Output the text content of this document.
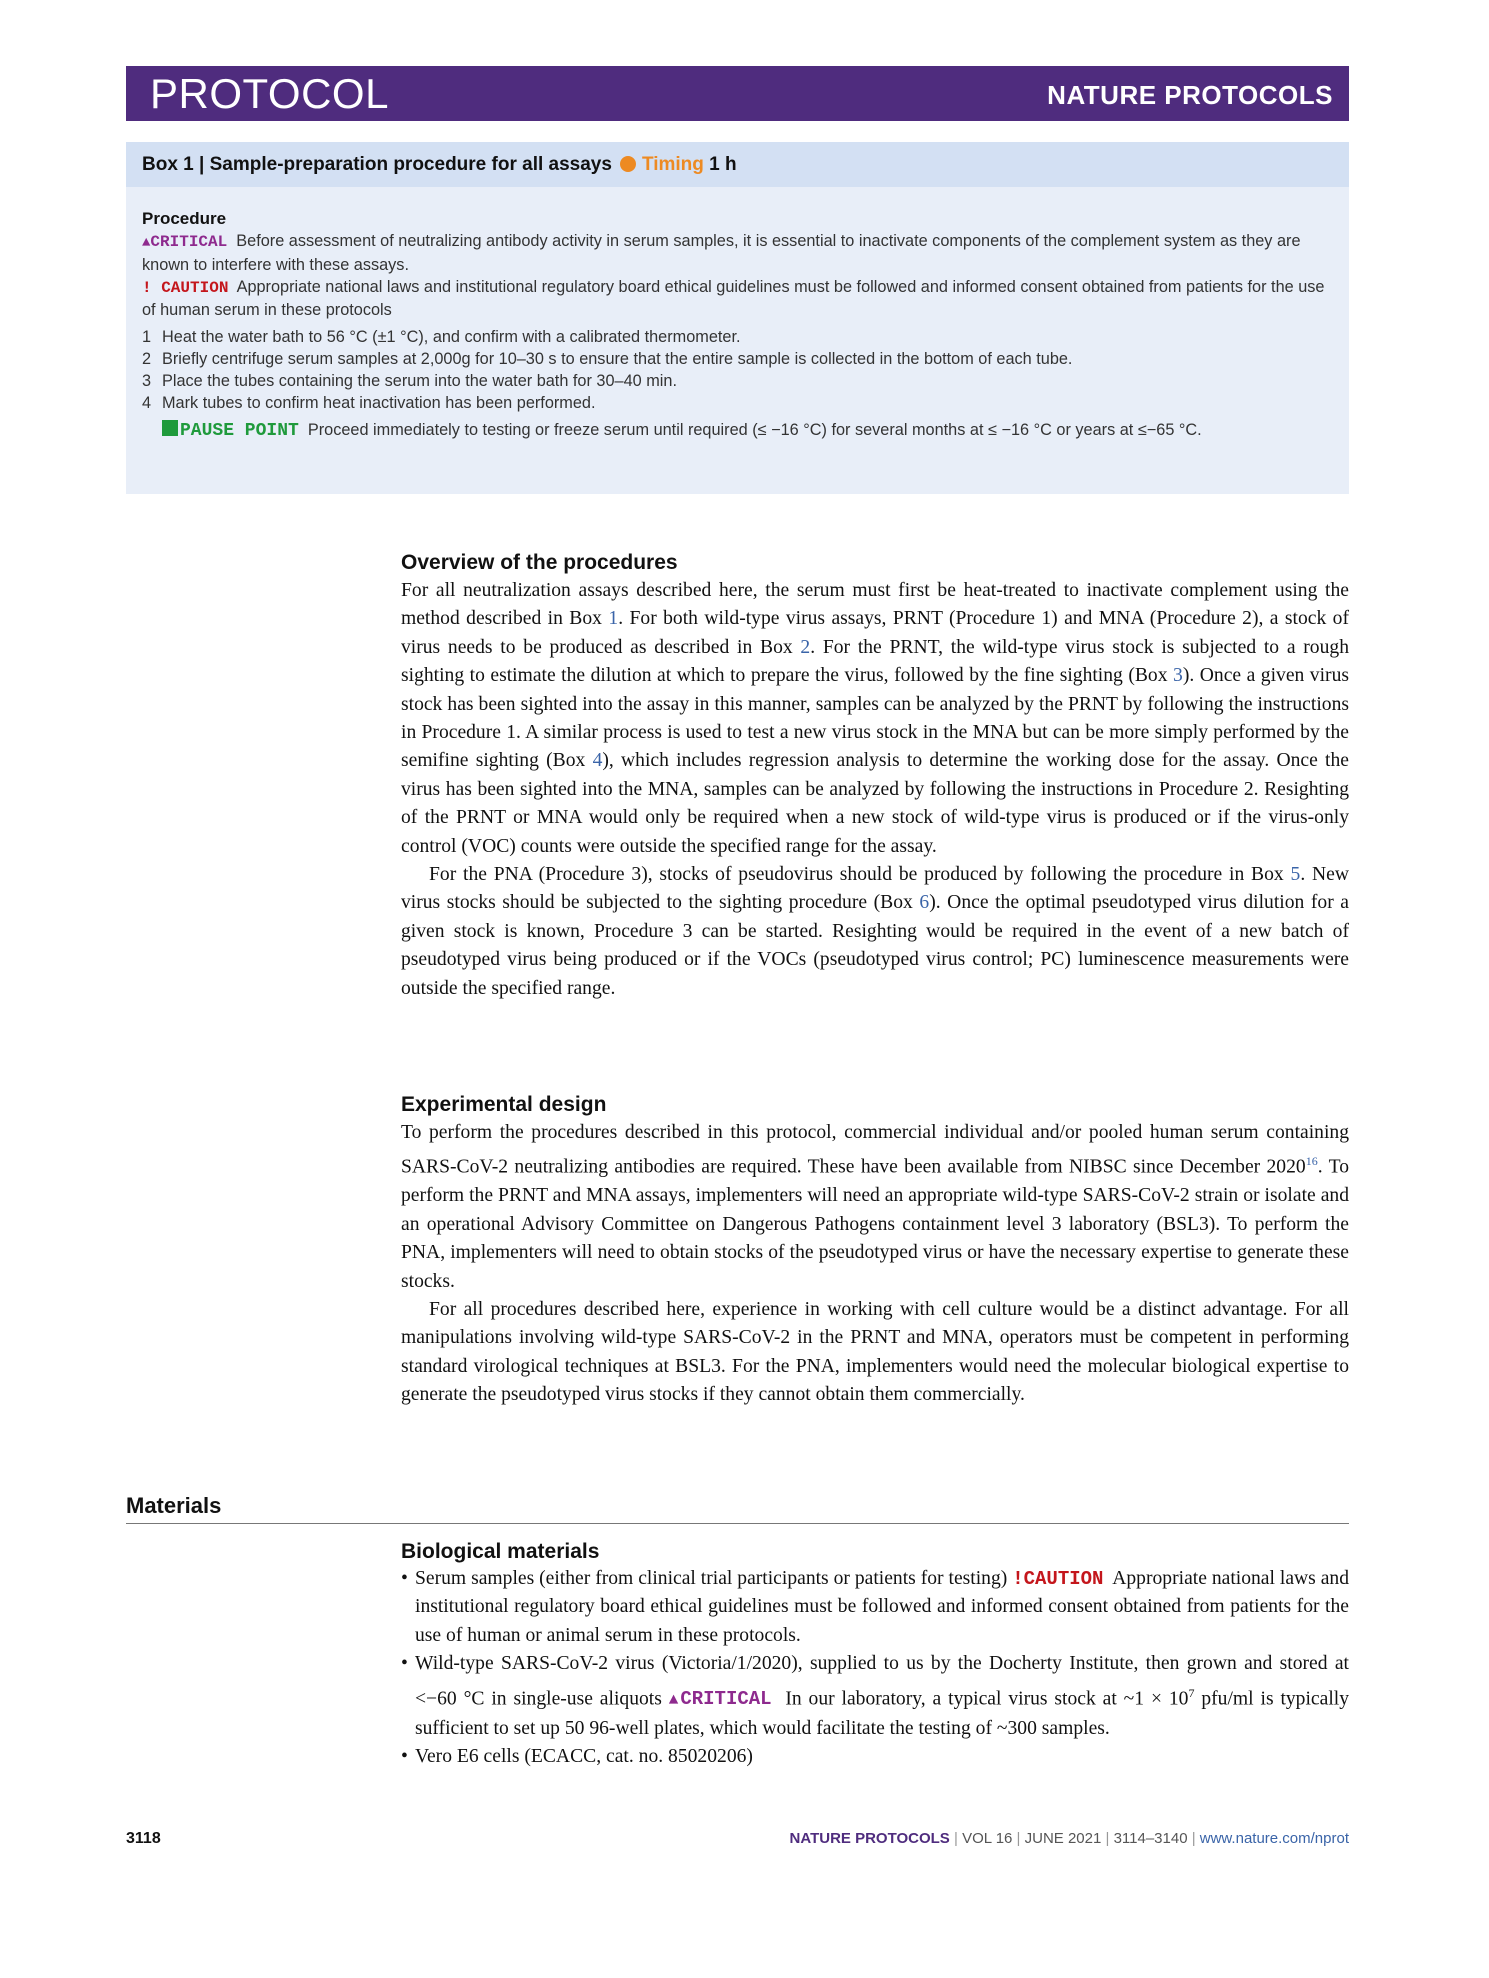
PROTOCOL	NATURE PROTOCOLS
Box 1 | Sample-preparation procedure for all assays Timing 1 h
Procedure
▲CRITICAL Before assessment of neutralizing antibody activity in serum samples, it is essential to inactivate components of the complement system as they are known to interfere with these assays.
! CAUTION Appropriate national laws and institutional regulatory board ethical guidelines must be followed and informed consent obtained from patients for the use of human serum in these protocols
1 Heat the water bath to 56 °C (±1 °C), and confirm with a calibrated thermometer.
2 Briefly centrifuge serum samples at 2,000g for 10–30 s to ensure that the entire sample is collected in the bottom of each tube.
3 Place the tubes containing the serum into the water bath for 30–40 min.
4 Mark tubes to confirm heat inactivation has been performed.
PAUSE POINT Proceed immediately to testing or freeze serum until required (≤ −16 °C) for several months at ≤ −16 °C or years at ≤−65 °C.
Overview of the procedures
For all neutralization assays described here, the serum must first be heat-treated to inactivate complement using the method described in Box 1. For both wild-type virus assays, PRNT (Procedure 1) and MNA (Procedure 2), a stock of virus needs to be produced as described in Box 2. For the PRNT, the wild-type virus stock is subjected to a rough sighting to estimate the dilution at which to prepare the virus, followed by the fine sighting (Box 3). Once a given virus stock has been sighted into the assay in this manner, samples can be analyzed by the PRNT by following the instructions in Procedure 1. A similar process is used to test a new virus stock in the MNA but can be more simply performed by the semifine sighting (Box 4), which includes regression analysis to determine the working dose for the assay. Once the virus has been sighted into the MNA, samples can be analyzed by following the instructions in Procedure 2. Resighting of the PRNT or MNA would only be required when a new stock of wild-type virus is produced or if the virus-only control (VOC) counts were outside the specified range for the assay.
For the PNA (Procedure 3), stocks of pseudovirus should be produced by following the procedure in Box 5. New virus stocks should be subjected to the sighting procedure (Box 6). Once the optimal pseudotyped virus dilution for a given stock is known, Procedure 3 can be started. Resighting would be required in the event of a new batch of pseudotyped virus being produced or if the VOCs (pseudotyped virus control; PC) luminescence measurements were outside the specified range.
Experimental design
To perform the procedures described in this protocol, commercial individual and/or pooled human serum containing SARS-CoV-2 neutralizing antibodies are required. These have been available from NIBSC since December 2020$^{16}$. To perform the PRNT and MNA assays, implementers will need an appropriate wild-type SARS-CoV-2 strain or isolate and an operational Advisory Committee on Dangerous Pathogens containment level 3 laboratory (BSL3). To perform the PNA, implementers will need to obtain stocks of the pseudotyped virus or have the necessary expertise to generate these stocks.
For all procedures described here, experience in working with cell culture would be a distinct advantage. For all manipulations involving wild-type SARS-CoV-2 in the PRNT and MNA, operators must be competent in performing standard virological techniques at BSL3. For the PNA, implementers would need the molecular biological expertise to generate the pseudotyped virus stocks if they cannot obtain them commercially.
Materials
Biological materials
• Serum samples (either from clinical trial participants or patients for testing) !CAUTION Appropriate national laws and institutional regulatory board ethical guidelines must be followed and informed consent obtained from patients for the use of human or animal serum in these protocols.
• Wild-type SARS-CoV-2 virus (Victoria/1/2020), supplied to us by the Docherty Institute, then grown and stored at <−60 °C in single-use aliquots ▲CRITICAL In our laboratory, a typical virus stock at ~1 × $10^7$ pfu/ml is typically sufficient to set up 50 96-well plates, which would facilitate the testing of ~300 samples.
• Vero E6 cells (ECACC, cat. no. 85020206)
3118	NATURE PROTOCOLS | VOL 16 | JUNE 2021 | 3114–3140 | www.nature.com/nprot
